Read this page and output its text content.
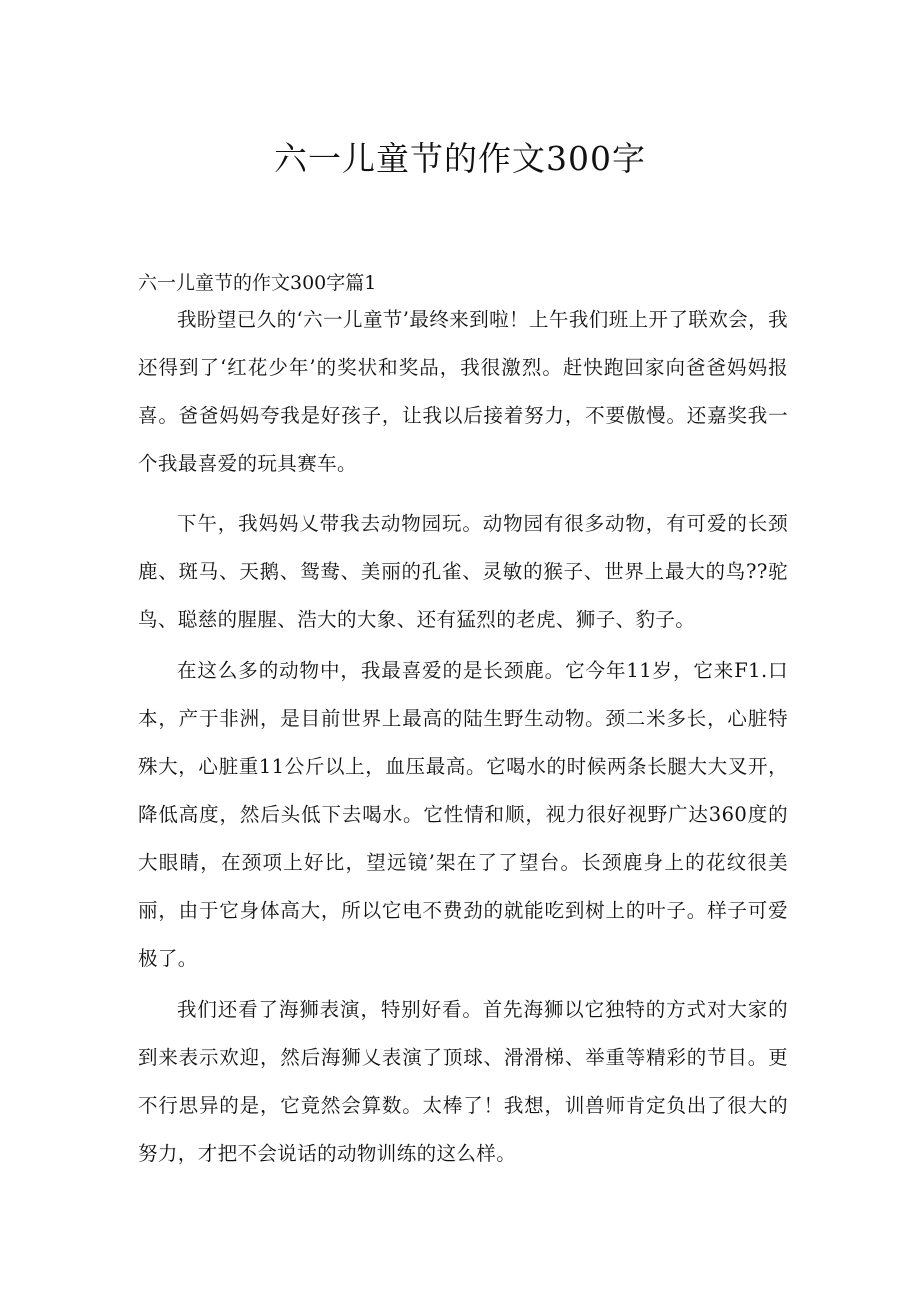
六一儿童节的作文300字
六一儿童节的作文300字篇1

我盼望已久的‘六一儿童节’最终来到啦！上午我们班上开了联欢会，我还得到了‘红花少年’的奖状和奖品，我很激烈。赶快跑回家向爸爸妈妈报喜。爸爸妈妈夸我是好孩子，让我以后接着努力，不要傲慢。还嘉奖我一个我最喜爱的玩具赛车。

下午，我妈妈乂带我去动物园玩。动物园有很多动物，有可爱的长颈鹿、斑马、天鹅、鸳鸯、美丽的孔雀、灵敏的猴子、世界上最大的鸟??驼鸟、聪慈的腥腥、浩大的大象、还有猛烈的老虎、狮子、豹子。

在这么多的动物中，我最喜爱的是长颈鹿。它今年11岁，它来F1.口本，产于非洲，是目前世界上最高的陆生野生动物。颈二米多长，心脏特殊大，心脏重11公斤以上，血压最高。它喝水的时候两条长腿大大叉开，降低高度，然后头低下去喝水。它性情和顺，视力很好视野广达360度的大眼睛，在颈项上好比，望远镜’架在了了望台。长颈鹿身上的花纹很美丽，由于它身体高大，所以它电不费劲的就能吃到树上的叶子。样子可爱极了。

我们还看了海狮表演，特别好看。首先海狮以它独特的方式对大家的到来表示欢迎，然后海狮乂表演了顶球、滑滑梯、举重等精彩的节目。更不行思异的是，它竟然会算数。太棒了！我想，训兽师肯定负出了很大的努力，才把不会说话的动物训练的这么样。
